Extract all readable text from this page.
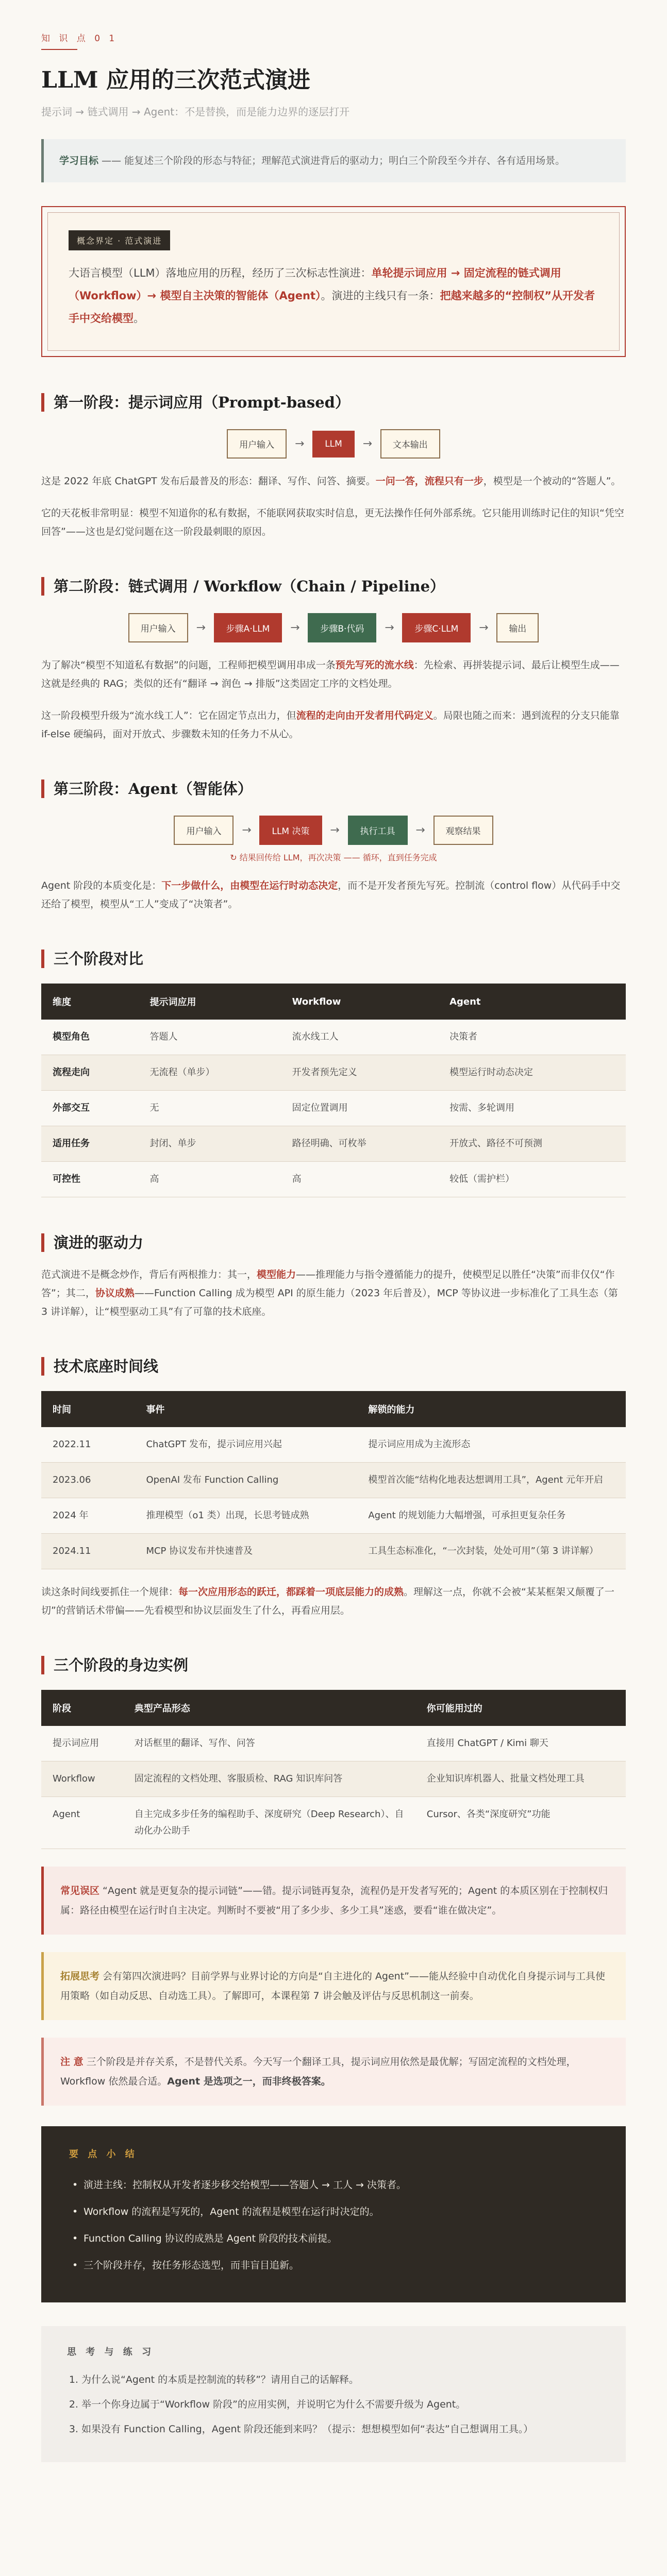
知 识 点 0 1
LLM 应用的三次范式演进
提示词 → 链式调用 → Agent：不是替换，而是能力边界的逐层打开
学习目标 —— 能复述三个阶段的形态与特征；理解范式演进背后的驱动力；明白三个阶段至今并存、各有适用场景。
概念界定 · 范式演进

大语言模型（LLM）落地应用的历程，经历了三次标志性演进：单轮提示词应用 → 固定流程的链式调用（Workflow）→ 模型自主决策的智能体（Agent）。演进的主线只有一条：把越来越多的“控制权”从开发者手中交给模型。

第一阶段：提示词应用（Prompt-based）
用户输入	→	LLM	→	文本输出

这是 2022 年底 ChatGPT 发布后最普及的形态：翻译、写作、问答、摘要。一问一答，流程只有一步，模型是一个被动的“答题人”。

它的天花板非常明显：模型不知道你的私有数据，不能联网获取实时信息，更无法操作任何外部系统。它只能用训练时记住的知识“凭空回答”——这也是幻觉问题在这一阶段最刺眼的原因。

第二阶段：链式调用 / Workflow（Chain / Pipeline）
用户输入	→	步骤A·LLM	→	步骤B·代码	→	步骤C·LLM	→	输出

为了解决“模型不知道私有数据”的问题，工程师把模型调用串成一条预先写死的流水线：先检索、再拼装提示词、最后让模型生成——这就是经典的 RAG；类似的还有“翻译 → 润色 → 排版”这类固定工序的文档处理。

这一阶段模型升级为“流水线工人”：它在固定节点出力，但流程的走向由开发者用代码定义。局限也随之而来：遇到流程的分支只能靠 if-else 硬编码，面对开放式、步骤数未知的任务力不从心。

第三阶段：Agent（智能体）
用户输入	→	LLM 决策	→	执行工具	→	观察结果
↻ 结果回传给 LLM，再次决策 —— 循环，直到任务完成

Agent 阶段的本质变化是：下一步做什么，由模型在运行时动态决定，而不是开发者预先写死。控制流（control flow）从代码手中交还给了模型，模型从“工人”变成了“决策者”。

三个阶段对比
维度	提示词应用	Workflow	Agent
模型角色	答题人	流水线工人	决策者
流程走向	无流程（单步）	开发者预先定义	模型运行时动态决定
外部交互	无	固定位置调用	按需、多轮调用
适用任务	封闭、单步	路径明确、可枚举	开放式、路径不可预测
可控性	高	高	较低（需护栏）
演进的驱动力

范式演进不是概念炒作，背后有两根推力：其一，模型能力——推理能力与指令遵循能力的提升，使模型足以胜任“决策”而非仅仅“作答”；其二，协议成熟——Function Calling 成为模型 API 的原生能力（2023 年后普及），MCP 等协议进一步标准化了工具生态（第 3 讲详解），让“模型驱动工具”有了可靠的技术底座。

技术底座时间线
时间	事件	解锁的能力
2022.11	ChatGPT 发布，提示词应用兴起	提示词应用成为主流形态
2023.06	OpenAI 发布 Function Calling	模型首次能“结构化地表达想调用工具”，Agent 元年开启
2024 年	推理模型（o1 类）出现，长思考链成熟	Agent 的规划能力大幅增强，可承担更复杂任务
2024.11	MCP 协议发布并快速普及	工具生态标准化，“一次封装，处处可用”（第 3 讲详解）

读这条时间线要抓住一个规律：每一次应用形态的跃迁，都踩着一项底层能力的成熟。理解这一点，你就不会被“某某框架又颠覆了一切”的营销话术带偏——先看模型和协议层面发生了什么，再看应用层。

三个阶段的身边实例
阶段	典型产品形态	你可能用过的
提示词应用	对话框里的翻译、写作、问答	直接用 ChatGPT / Kimi 聊天
Workflow	固定流程的文档处理、客服质检、RAG 知识库问答	企业知识库机器人、批量文档处理工具
Agent	自主完成多步任务的编程助手、深度研究（Deep Research）、自动化办公助手	Cursor、各类“深度研究”功能
常见误区 “Agent 就是更复杂的提示词链”——错。提示词链再复杂，流程仍是开发者写死的；Agent 的本质区别在于控制权归属：路径由模型在运行时自主决定。判断时不要被“用了多少步、多少工具”迷惑，要看“谁在做决定”。
拓展思考 会有第四次演进吗？目前学界与业界讨论的方向是“自主进化的 Agent”——能从经验中自动优化自身提示词与工具使用策略（如自动反思、自动选工具）。了解即可，本课程第 7 讲会触及评估与反思机制这一前奏。
注 意 三个阶段是并存关系，不是替代关系。今天写一个翻译工具，提示词应用依然是最优解；写固定流程的文档处理，Workflow 依然最合适。Agent 是选项之一，而非终极答案。
要 点 小 结
• 演进主线：控制权从开发者逐步移交给模型——答题人 → 工人 → 决策者。
• Workflow 的流程是写死的，Agent 的流程是模型在运行时决定的。
• Function Calling 协议的成熟是 Agent 阶段的技术前提。
• 三个阶段并存，按任务形态选型，而非盲目追新。
思 考 与 练 习
1. 为什么说“Agent 的本质是控制流的转移”？请用自己的话解释。
2. 举一个你身边属于“Workflow 阶段”的应用实例，并说明它为什么不需要升级为 Agent。
3. 如果没有 Function Calling，Agent 阶段还能到来吗？（提示：想想模型如何“表达”自己想调用工具。）
